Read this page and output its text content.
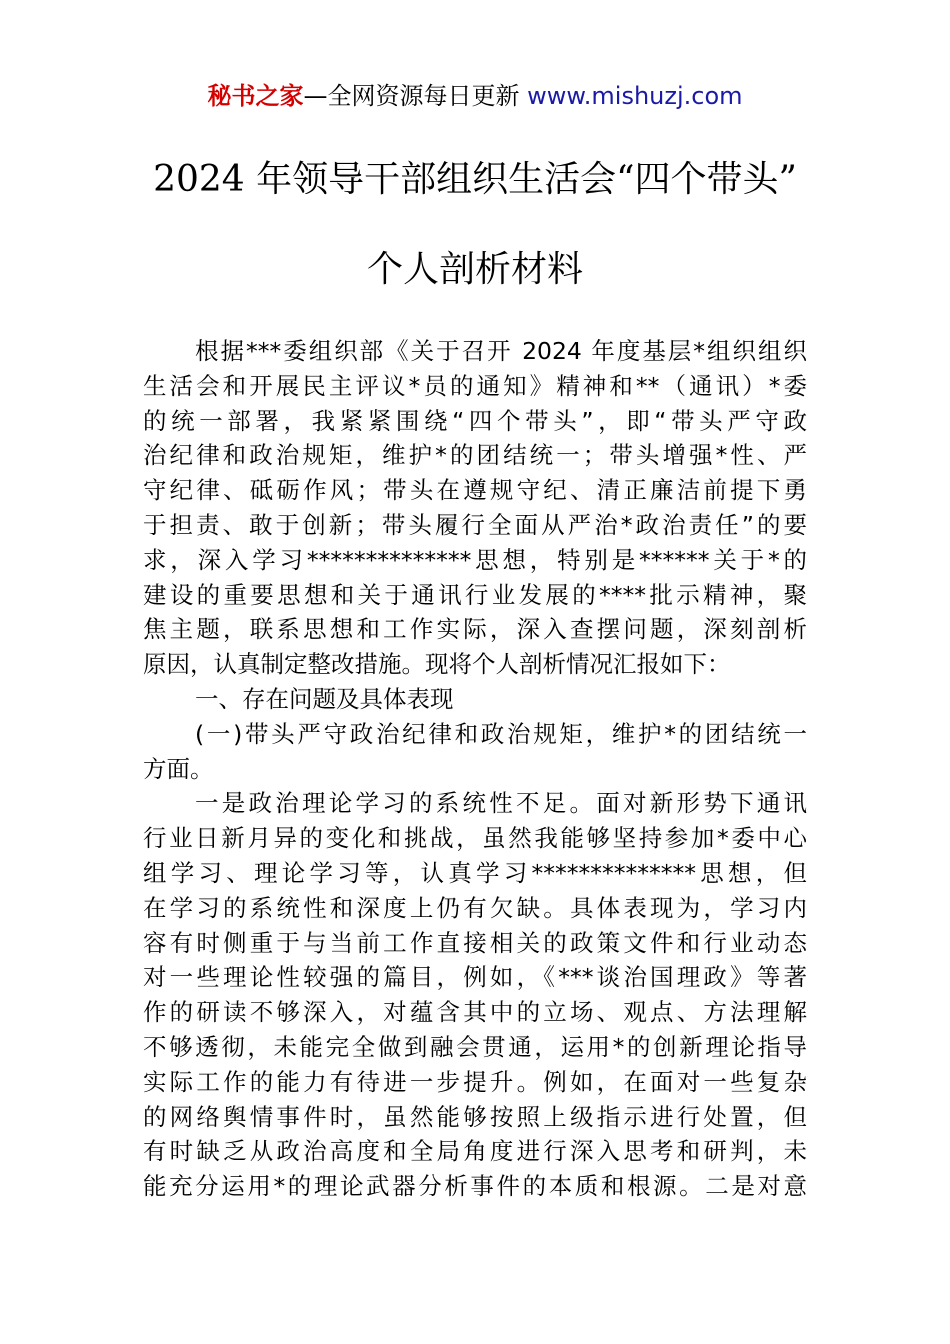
秘书之家—全网资源每日更新 www.mishuzj.com
2024 年领导干部组织生活会“四个带头”
个人剖析材料
根据***委组织部《关于召开 2024 年度基层*组织组织
生活会和开展民主评议*员的通知》精神和**（通讯）*委
的统一部署，我紧紧围绕“四个带头”，即“带头严守政
治纪律和政治规矩，维护*的团结统一；带头增强*性、严
守纪律、砥砺作风；带头在遵规守纪、清正廉洁前提下勇
于担责、敢于创新；带头履行全面从严治*政治责任”的要
求，深入学习**************思想，特别是******关于*的
建设的重要思想和关于通讯行业发展的****批示精神，聚
焦主题，联系思想和工作实际，深入查摆问题，深刻剖析
原因，认真制定整改措施。现将个人剖析情况汇报如下：
一、存在问题及具体表现
(一)带头严守政治纪律和政治规矩，维护*的团结统一
方面。
一是政治理论学习的系统性不足。面对新形势下通讯
行业日新月异的变化和挑战，虽然我能够坚持参加*委中心
组学习、理论学习等，认真学习**************思想，但
在学习的系统性和深度上仍有欠缺。具体表现为，学习内
容有时侧重于与当前工作直接相关的政策文件和行业动态
对一些理论性较强的篇目，例如，《***谈治国理政》等著
作的研读不够深入，对蕴含其中的立场、观点、方法理解
不够透彻，未能完全做到融会贯通，运用*的创新理论指导
实际工作的能力有待进一步提升。例如，在面对一些复杂
的网络舆情事件时，虽然能够按照上级指示进行处置，但
有时缺乏从政治高度和全局角度进行深入思考和研判，未
能充分运用*的理论武器分析事件的本质和根源。二是对意
